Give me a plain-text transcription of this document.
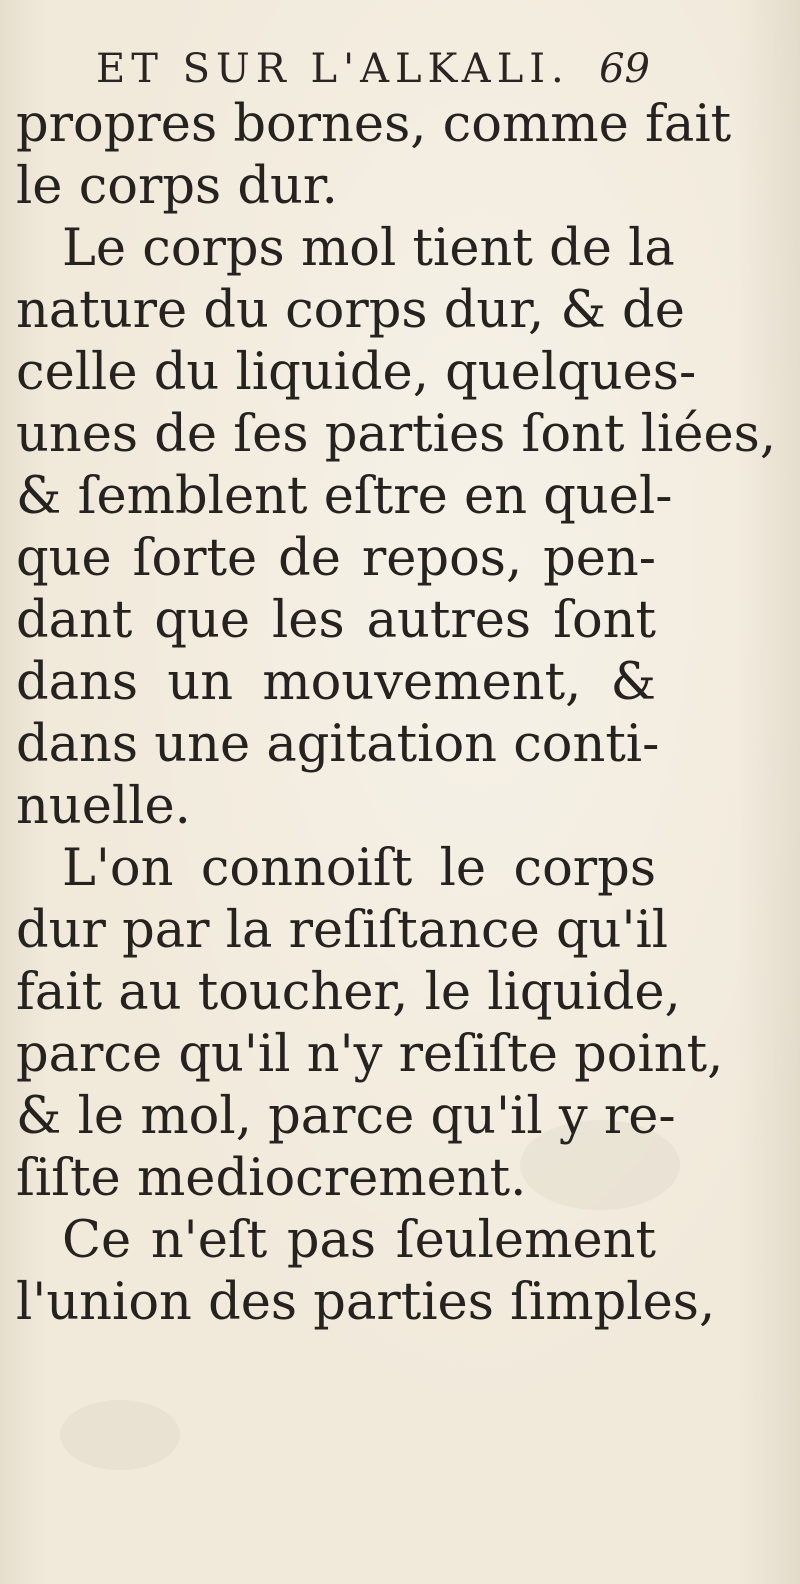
ET SUR L'ALKALI. 69
propres bornes, comme fait
le corps dur.
Le corps mol tient de la
nature du corps dur, & de
celle du liquide, quelques-
unes de ſes parties ſont liées,
& ſemblent eſtre en quel-
que ſorte de repos, pen-
dant que les autres ſont
dans un mouvement, &
dans une agitation conti-
nuelle.
L'on connoiſt le corps
dur par la reſiſtance qu'il
fait au toucher, le liquide,
parce qu'il n'y reſiſte point,
& le mol, parce qu'il y re-
ſiſte mediocrement.
Ce n'eſt pas ſeulement
l'union des parties ſimples,
